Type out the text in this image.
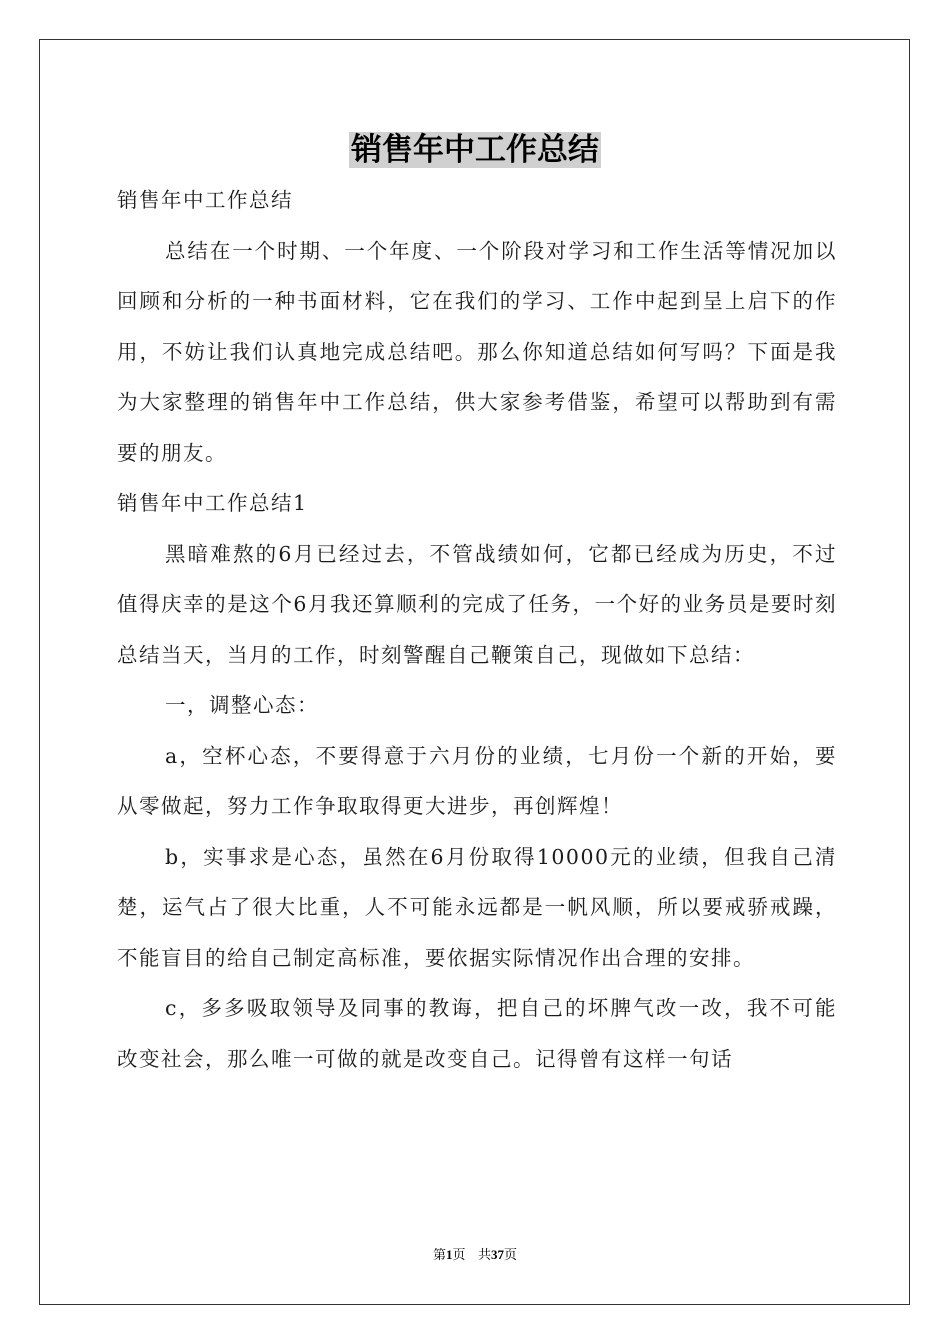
销售年中工作总结

销售年中工作总结

总结在一个时期、一个年度、一个阶段对学习和工作生活等情况加以回顾和分析的一种书面材料，它在我们的学习、工作中起到呈上启下的作用，不妨让我们认真地完成总结吧。那么你知道总结如何写吗？下面是我为大家整理的销售年中工作总结，供大家参考借鉴，希望可以帮助到有需要的朋友。

销售年中工作总结1

黑暗难熬的6月已经过去，不管战绩如何，它都已经成为历史，不过值得庆幸的是这个6月我还算顺利的完成了任务，一个好的业务员是要时刻总结当天，当月的工作，时刻警醒自己鞭策自己，现做如下总结：

一，调整心态：

a，空杯心态，不要得意于六月份的业绩，七月份一个新的开始，要从零做起，努力工作争取取得更大进步，再创辉煌！

b，实事求是心态，虽然在6月份取得10000元的业绩，但我自己清楚，运气占了很大比重，人不可能永远都是一帆风顺，所以要戒骄戒躁，不能盲目的给自己制定高标准，要依据实际情况作出合理的安排。

c，多多吸取领导及同事的教诲，把自己的坏脾气改一改，我不可能改变社会，那么唯一可做的就是改变自己。记得曾有这样一句话

第1页 共37页
